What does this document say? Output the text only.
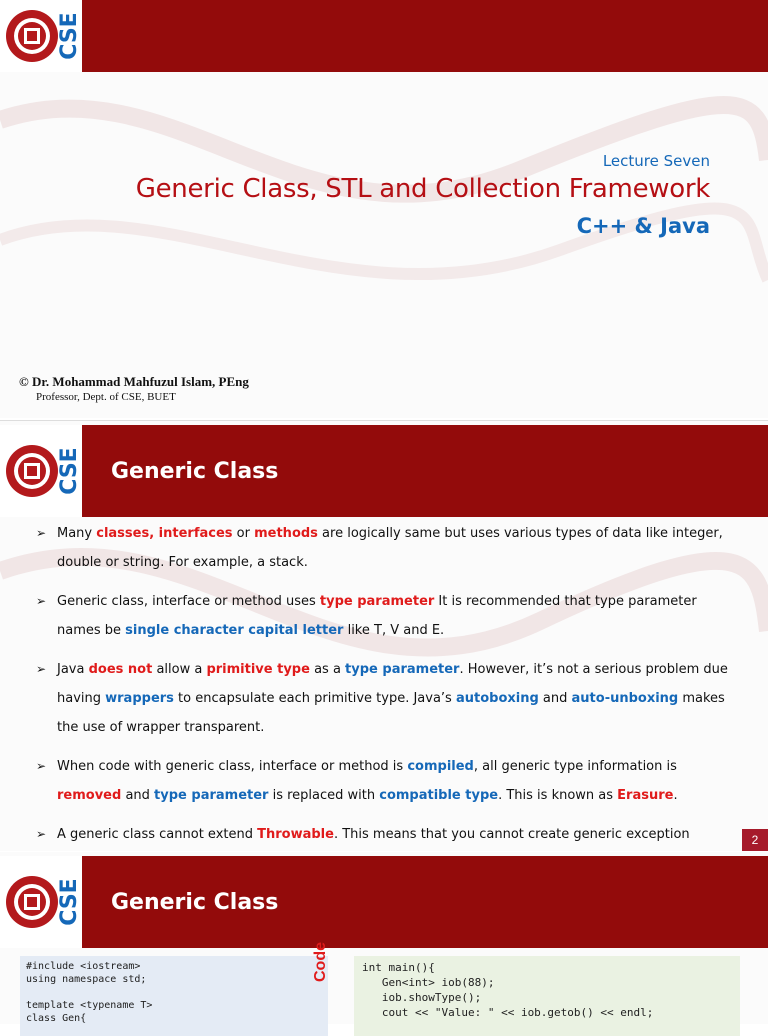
CSE
Lecture Seven
Generic Class, STL and Collection Framework
C++ & Java
© Dr. Mohammad Mahfuzul Islam, PEng
Professor, Dept. of CSE, BUET
CSE Generic Class
➢ Many classes, interfaces or methods are logically same but uses various types of data like integer, double or string. For example, a stack.
➢ Generic class, interface or method uses type parameter It is recommended that type parameter names be single character capital letter like T, V and E.
➢ Java does not allow a primitive type as a type parameter. However, it’s not a serious problem due having wrappers to encapsulate each primitive type. Java’s autoboxing and auto-unboxing makes the use of wrapper transparent.
➢ When code with generic class, interface or method is compiled, all generic type information is removed and type parameter is replaced with compatible type. This is known as Erasure.
➢ A generic class cannot extend Throwable. This means that you cannot create generic exception	2
CSE Generic Class
#include <iostream>
using namespace std;

template <typename T>
class Gen{
Code	int main(){
Gen<int> iob(88);
iob.showType();
cout << "Value: " << iob.getob() << endl;
